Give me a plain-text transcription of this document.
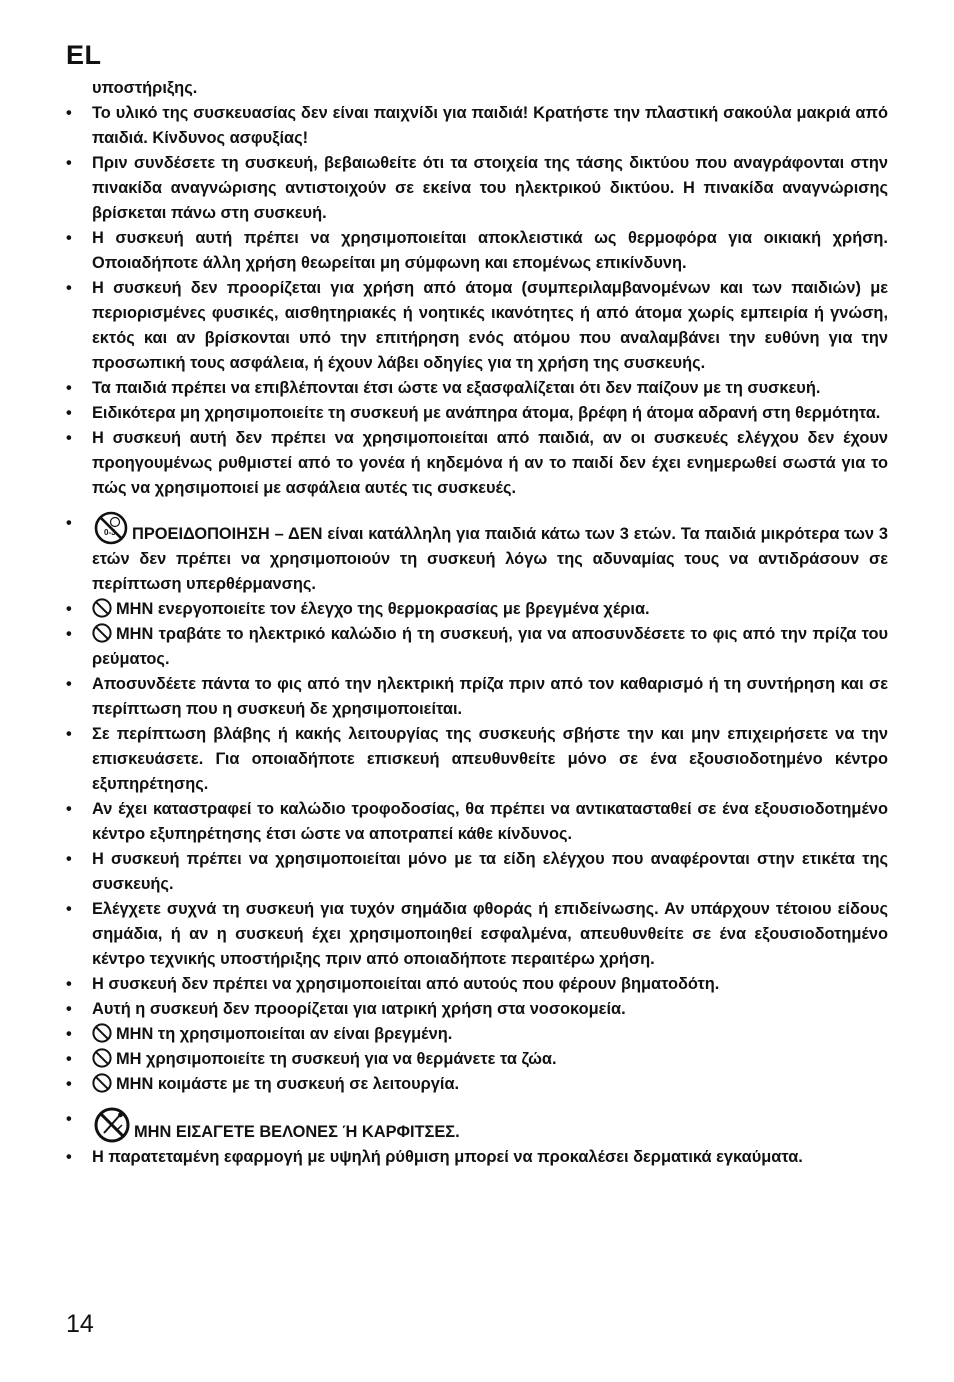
EL
υποστήριξης.
• Το υλικό της συσκευασίας δεν είναι παιχνίδι για παιδιά! Κρατήστε την πλαστική σακούλα μακριά από παιδιά. Κίνδυνος ασφυξίας!
• Πριν συνδέσετε τη συσκευή, βεβαιωθείτε ότι τα στοιχεία της τάσης δικτύου που αναγράφονται στην πινακίδα αναγνώρισης αντιστοιχούν σε εκείνα του ηλεκτρικού δικτύου. Η πινακίδα αναγνώρισης βρίσκεται πάνω στη συσκευή.
• Η συσκευή αυτή πρέπει να χρησιμοποιείται αποκλειστικά ως θερμοφόρα για οικιακή χρήση. Οποιαδήποτε άλλη χρήση θεωρείται μη σύμφωνη και επομένως επικίνδυνη.
• Η συσκευή δεν προορίζεται για χρήση από άτομα (συμπεριλαμβανομένων και των παιδιών) με περιορισμένες φυσικές, αισθητηριακές ή νοητικές ικανότητες ή από άτομα χωρίς εμπειρία ή γνώση, εκτός και αν βρίσκονται υπό την επιτήρηση ενός ατόμου που αναλαμβάνει την ευθύνη για την προσωπική τους ασφάλεια, ή έχουν λάβει οδηγίες για τη χρήση της συσκευής.
• Τα παιδιά πρέπει να επιβλέπονται έτσι ώστε να εξασφαλίζεται ότι δεν παίζουν με τη συσκευή.
• Ειδικότερα μη χρησιμοποιείτε τη συσκευή με ανάπηρα άτομα, βρέφη ή άτομα αδρανή στη θερμότητα.
• Η συσκευή αυτή δεν πρέπει να χρησιμοποιείται από παιδιά, αν οι συσκευές ελέγχου δεν έχουν προηγουμένως ρυθμιστεί από το γονέα ή κηδεμόνα ή αν το παιδί δεν έχει ενημερωθεί σωστά για το πώς να χρησιμοποιεί με ασφάλεια αυτές τις συσκευές.
• 0-3 ΠΡΟΕΙΔΟΠΟΙΗΣΗ – ΔΕΝ είναι κατάλληλη για παιδιά κάτω των 3 ετών. Τα παιδιά μικρότερα των 3 ετών δεν πρέπει να χρησιμοποιούν τη συσκευή λόγω της αδυναμίας τους να αντιδράσουν σε περίπτωση υπερθέρμανσης.
• ΜΗΝ ενεργοποιείτε τον έλεγχο της θερμοκρασίας με βρεγμένα χέρια.
• ΜΗΝ τραβάτε το ηλεκτρικό καλώδιο ή τη συσκευή, για να αποσυνδέσετε το φις από την πρίζα του ρεύματος.
• Αποσυνδέετε πάντα το φις από την ηλεκτρική πρίζα πριν από τον καθαρισμό ή τη συντήρηση και σε περίπτωση που η συσκευή δε χρησιμοποιείται.
• Σε περίπτωση βλάβης ή κακής λειτουργίας της συσκευής σβήστε την και μην επιχειρήσετε να την επισκευάσετε. Για οποιαδήποτε επισκευή απευθυνθείτε μόνο σε ένα εξουσιοδοτημένο κέντρο εξυπηρέτησης.
• Αν έχει καταστραφεί το καλώδιο τροφοδοσίας, θα πρέπει να αντικατασταθεί σε ένα εξουσιοδοτημένο κέντρο εξυπηρέτησης έτσι ώστε να αποτραπεί κάθε κίνδυνος.
• Η συσκευή πρέπει να χρησιμοποιείται μόνο με τα είδη ελέγχου που αναφέρονται στην ετικέτα της συσκευής.
• Ελέγχετε συχνά τη συσκευή για τυχόν σημάδια φθοράς ή επιδείνωσης. Αν υπάρχουν τέτοιου είδους σημάδια, ή αν η συσκευή έχει χρησιμοποιηθεί εσφαλμένα, απευθυνθείτε σε ένα εξουσιοδοτημένο κέντρο τεχνικής υποστήριξης πριν από οποιαδήποτε περαιτέρω χρήση.
• Η συσκευή δεν πρέπει να χρησιμοποιείται από αυτούς που φέρουν βηματοδότη.
• Αυτή η συσκευή δεν προορίζεται για ιατρική χρήση στα νοσοκομεία.
• ΜΗΝ τη χρησιμοποιείται αν είναι βρεγμένη.
• ΜΗ χρησιμοποιείτε τη συσκευή για να θερμάνετε τα ζώα.
• ΜΗΝ κοιμάστε με τη συσκευή σε λειτουργία.
• ΜΗΝ ΕΙΣΑΓΕΤΕ ΒΕΛΟΝΕΣ Ή ΚΑΡΦΙΤΣΕΣ.
• Η παρατεταμένη εφαρμογή με υψηλή ρύθμιση μπορεί να προκαλέσει δερματικά εγκαύματα.
14
